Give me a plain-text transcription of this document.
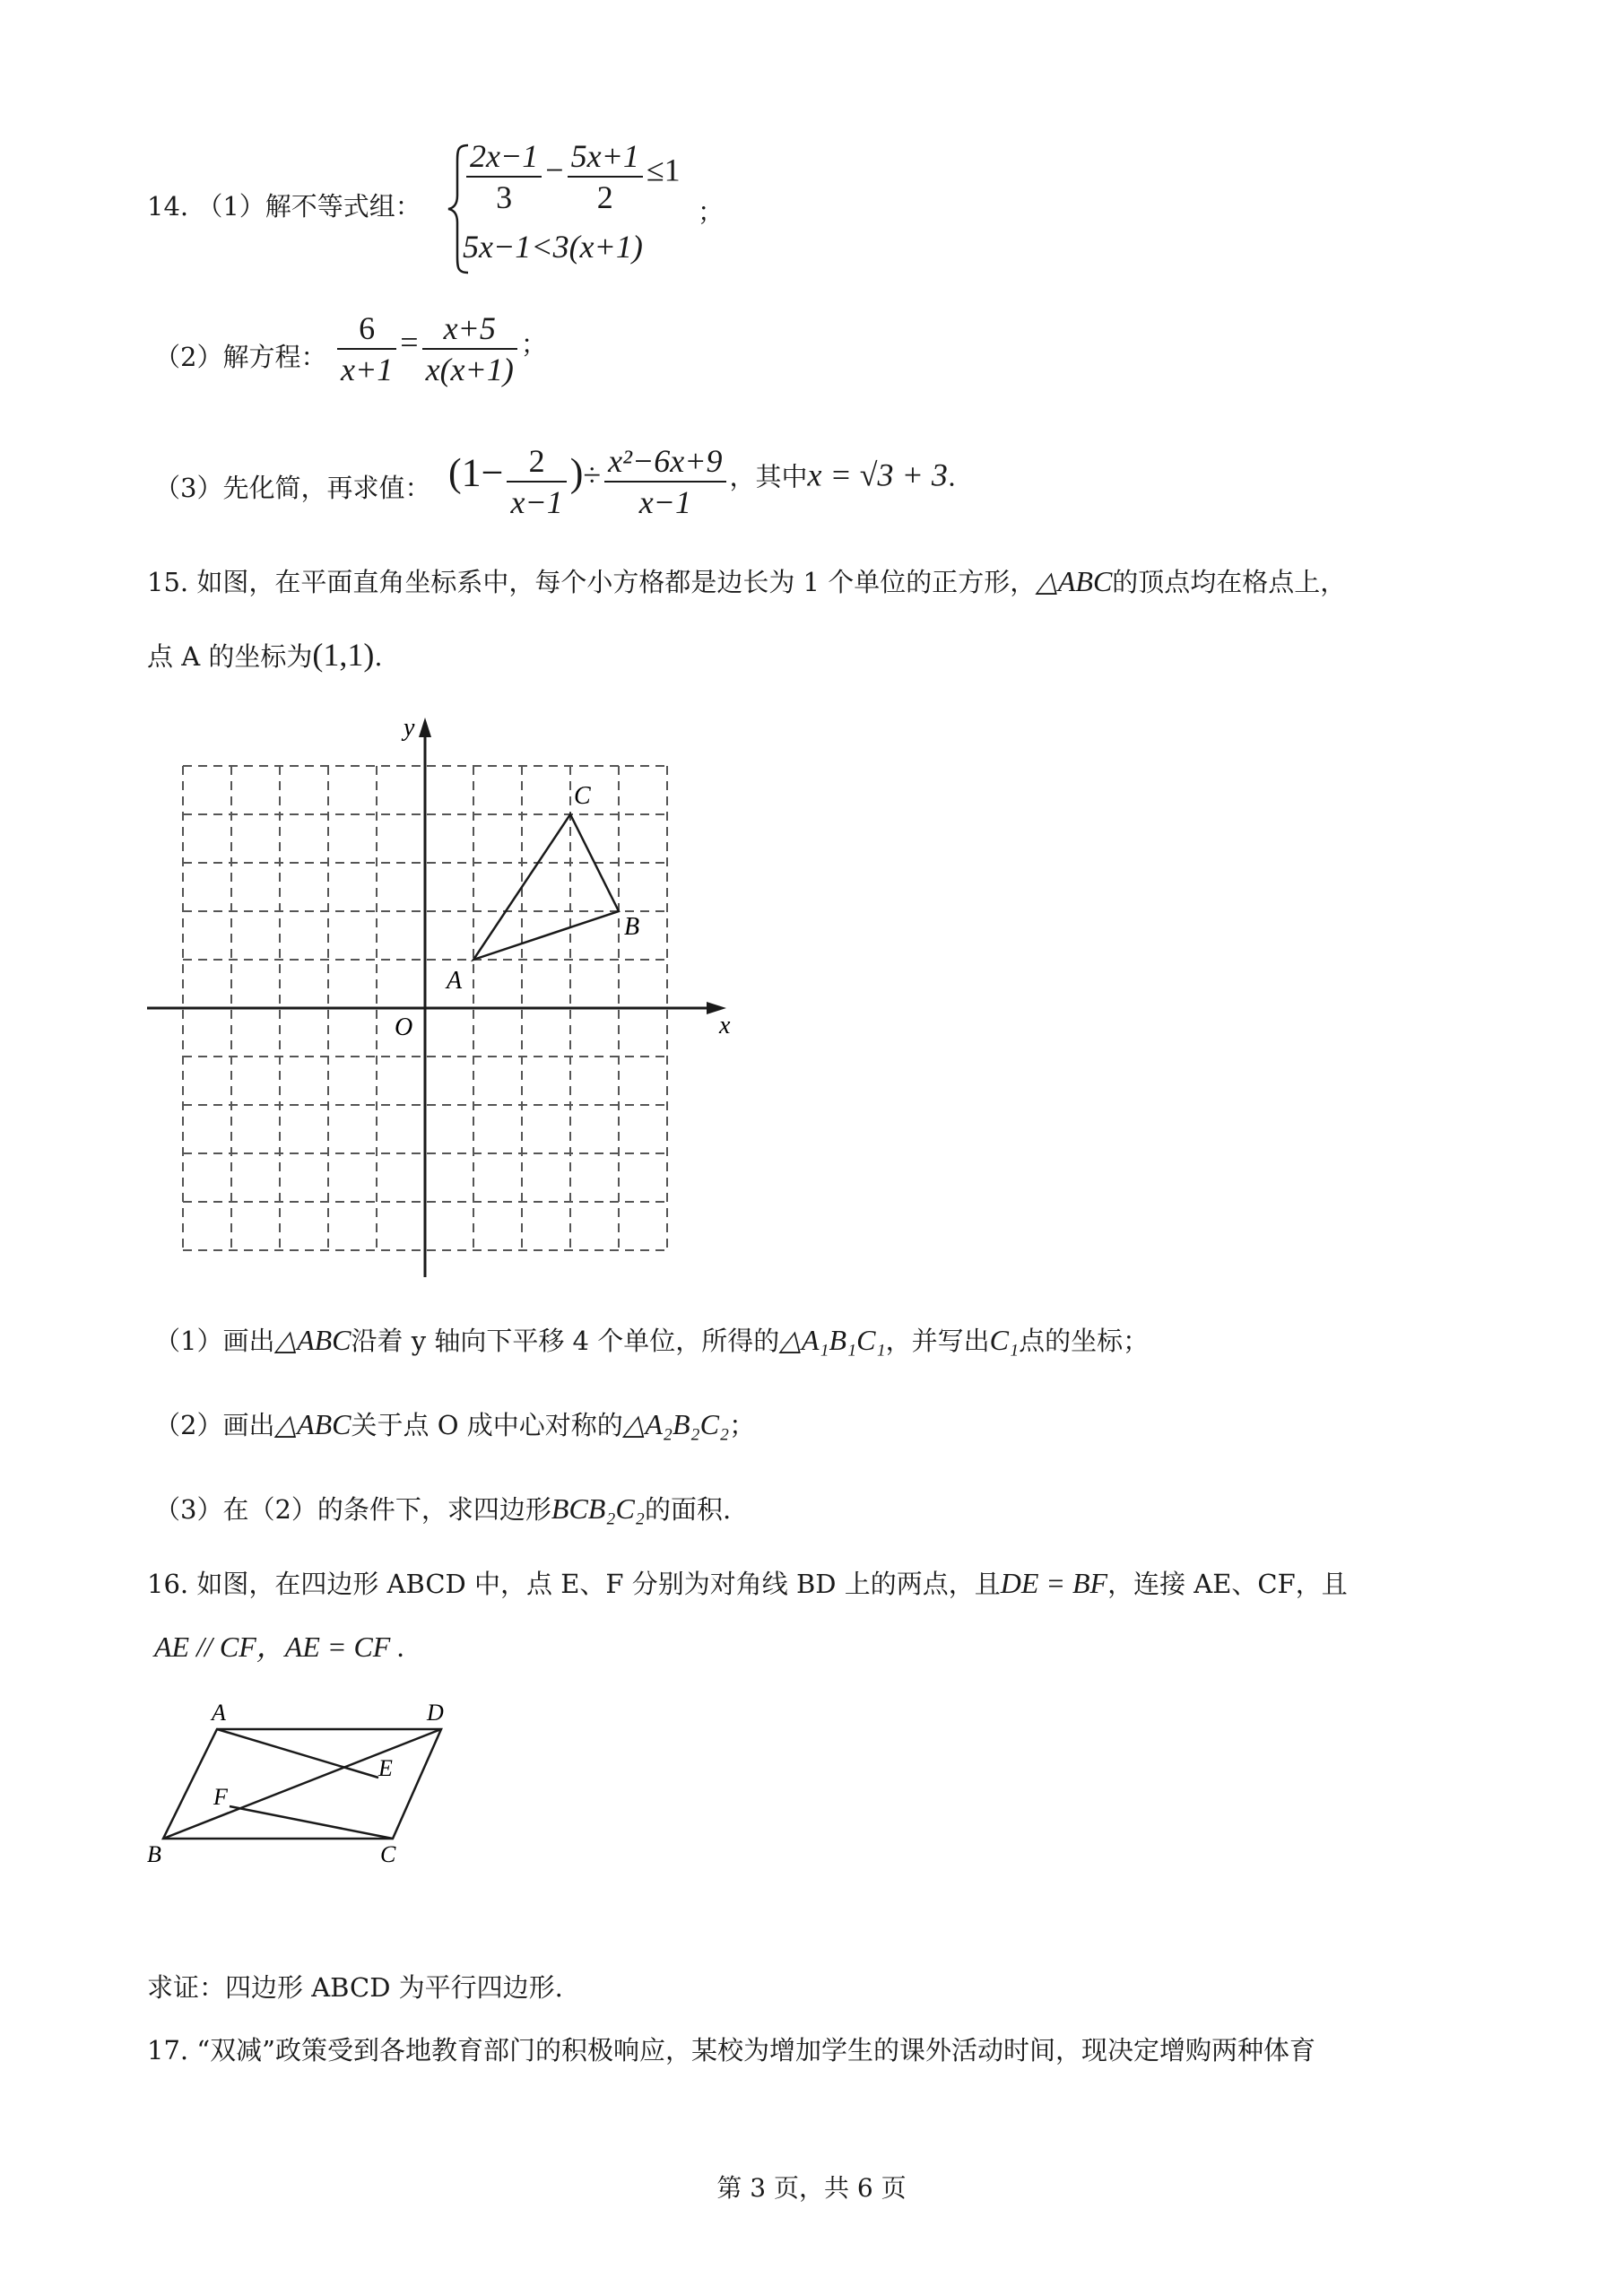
14. （1）解不等式组： $\frac{2x-1}{3} - \frac{5x+1}{2} \le 1$
；
5x−1<3(x+1)
（2）解方程： $\frac{6}{x+1} = \frac{x+5}{x(x+1)}$ ；
（3）先化简，再求值： ($1- \frac{2}{x-1}$ )÷ $\frac{\text{x²−6x+9}}{x-1}$ ，其中x = √3 + 3.
15. 如图，在平面直角坐标系中，每个小方格都是边长为 1 个单位的正方形，△ABC的顶点均在格点上，
点 A 的坐标为(1,1).
x
y
O
A
B
C
（1）画出△ABC沿着 y 轴向下平移 4 个单位，所得的△A₁B₁C₁，并写出C₁点的坐标；
（2）画出△ABC关于点 O 成中心对称的△A₂B₂C₂；
（3）在（2）的条件下，求四边形BCB₂C₂的面积.
16. 如图，在四边形 ABCD 中，点 E、F 分别为对角线 BD 上的两点，且DE = BF，连接 AE、CF，且
AE // CF，AE = CF .
A	D
E
F
B	C
求证：四边形 ABCD 为平行四边形.
17. “双减”政策受到各地教育部门的积极响应，某校为增加学生的课外活动时间，现决定增购两种体育
第 3 页，共 6 页
